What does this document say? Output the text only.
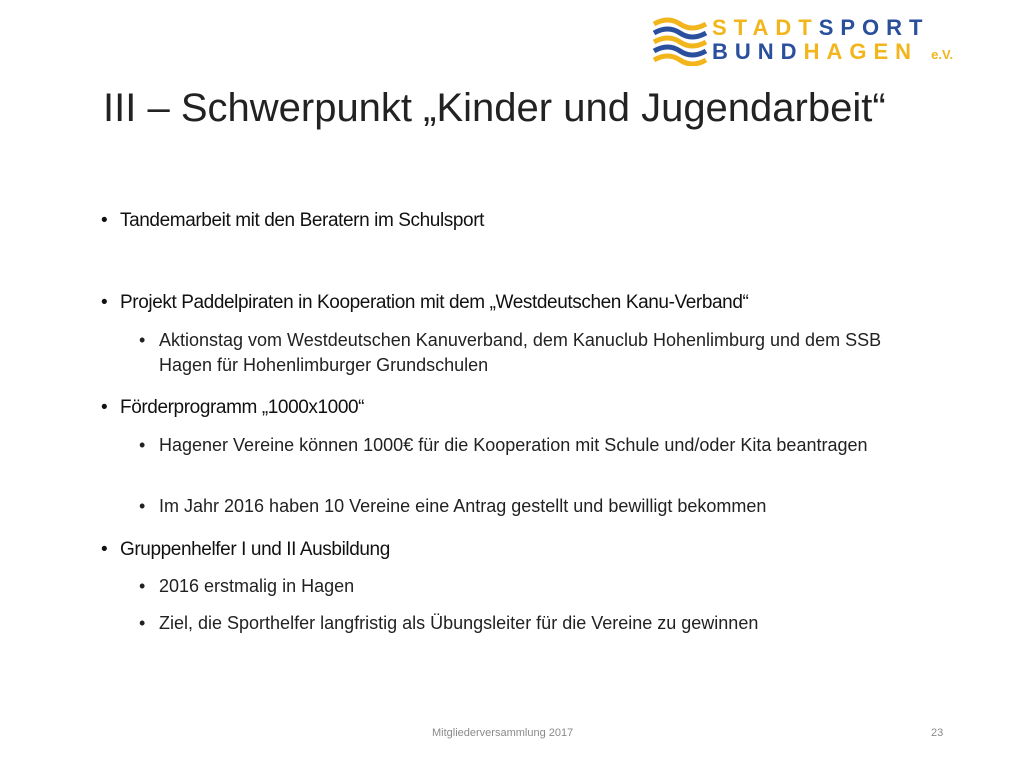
STADTSPORT
BUNDHAGEN e.V.
III – Schwerpunkt „Kinder und Jugendarbeit“
• Tandemarbeit mit den Beratern im Schulsport
• Projekt Paddelpiraten in Kooperation mit dem „Westdeutschen Kanu-Verband“
• Aktionstag vom Westdeutschen Kanuverband, dem Kanuclub Hohenlimburg und dem SSB Hagen für Hohenlimburger Grundschulen
• Förderprogramm „1000x1000“
• Hagener Vereine können 1000€ für die Kooperation mit Schule und/oder Kita beantragen
• Im Jahr 2016 haben 10 Vereine eine Antrag gestellt und bewilligt bekommen
• Gruppenhelfer I und II Ausbildung
• 2016 erstmalig in Hagen
• Ziel, die Sporthelfer langfristig als Übungsleiter für die Vereine zu gewinnen
Mitgliederversammlung 2017	23
